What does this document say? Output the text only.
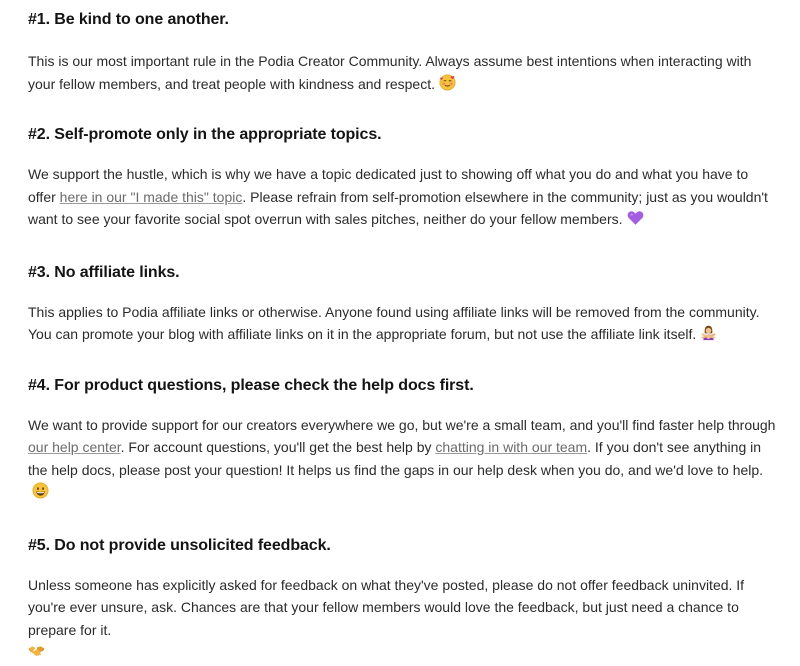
#1. Be kind to one another.

This is our most important rule in the Podia Creator Community. Always assume best intentions when interacting with your fellow members, and treat people with kindness and respect.

#2. Self-promote only in the appropriate topics.

We support the hustle, which is why we have a topic dedicated just to showing off what you do and what you have to offer here in our "I made this" topic. Please refrain from self-promotion elsewhere in the community; just as you wouldn't want to see your favorite social spot overrun with sales pitches, neither do your fellow members.

#3. No affiliate links.

This applies to Podia affiliate links or otherwise. Anyone found using affiliate links will be removed from the community. You can promote your blog with affiliate links on it in the appropriate forum, but not use the affiliate link itself.

#4. For product questions, please check the help docs first.

We want to provide support for our creators everywhere we go, but we're a small team, and you'll find faster help through our help center. For account questions, you'll get the best help by chatting in with our team. If you don't see anything in the help docs, please post your question! It helps us find the gaps in our help desk when you do, and we'd love to help.

#5. Do not provide unsolicited feedback.

Unless someone has explicitly asked for feedback on what they've posted, please do not offer feedback uninvited. If you're ever unsure, ask. Chances are that your fellow members would love the feedback, but just need a chance to prepare for it.
